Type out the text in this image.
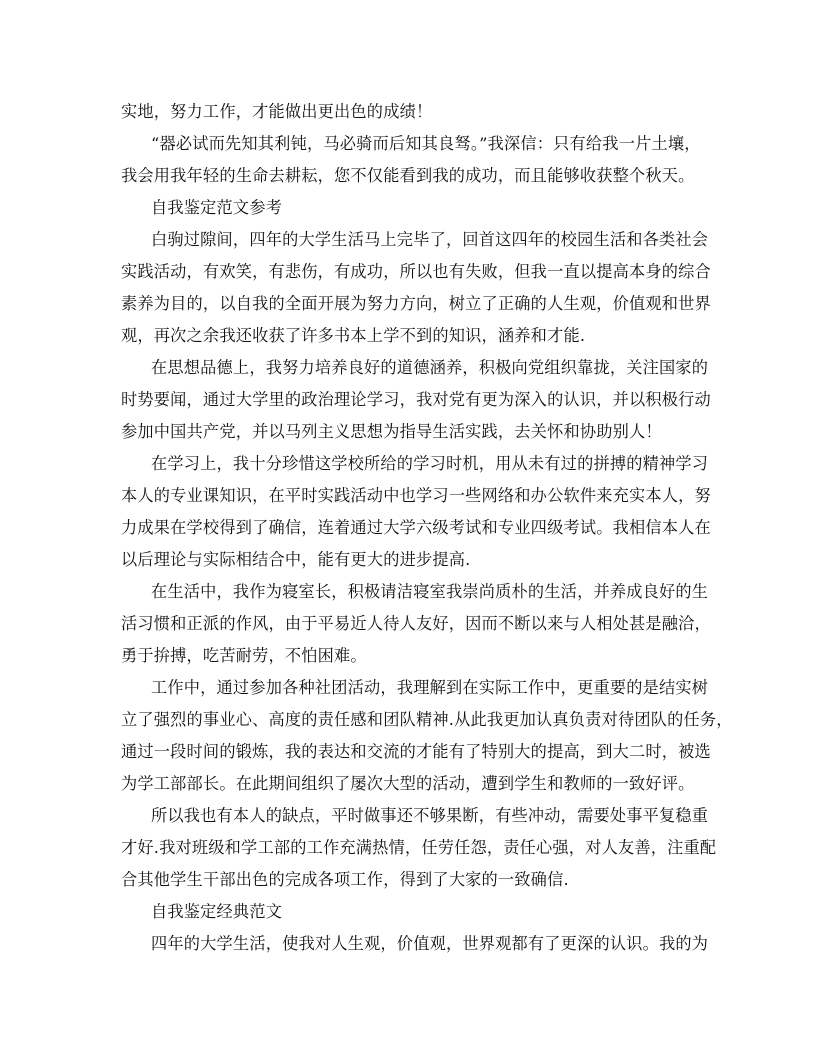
实地，努力工作，才能做出更出色的成绩！
“器必试而先知其利钝，马必骑而后知其良驽。”我深信：只有给我一片土壤，
我会用我年轻的生命去耕耘，您不仅能看到我的成功，而且能够收获整个秋天。
自我鉴定范文参考
白驹过隙间，四年的大学生活马上完毕了，回首这四年的校园生活和各类社会
实践活动，有欢笑，有悲伤，有成功，所以也有失败，但我一直以提高本身的综合
素养为目的，以自我的全面开展为努力方向，树立了正确的人生观，价值观和世界
观，再次之余我还收获了许多书本上学不到的知识，涵养和才能.
在思想品德上，我努力培养良好的道德涵养，积极向党组织靠拢，关注国家的
时势要闻，通过大学里的政治理论学习，我对党有更为深入的认识，并以积极行动
参加中国共产党，并以马列主义思想为指导生活实践，去关怀和协助别人！
在学习上，我十分珍惜这学校所给的学习时机，用从未有过的拼搏的精神学习
本人的专业课知识，在平时实践活动中也学习一些网络和办公软件来充实本人，努
力成果在学校得到了确信，连着通过大学六级考试和专业四级考试。我相信本人在
以后理论与实际相结合中，能有更大的进步提高.
在生活中，我作为寝室长，积极请洁寝室我崇尚质朴的生活，并养成良好的生
活习惯和正派的作风，由于平易近人待人友好，因而不断以来与人相处甚是融洽，
勇于拚搏，吃苦耐劳，不怕困难。
工作中，通过参加各种社团活动，我理解到在实际工作中，更重要的是结实树
立了强烈的事业心、高度的责任感和团队精神.从此我更加认真负责对待团队的任务，
通过一段时间的锻炼，我的表达和交流的才能有了特别大的提高，到大二时，被选
为学工部部长。在此期间组织了屡次大型的活动，遭到学生和教师的一致好评。
所以我也有本人的缺点，平时做事还不够果断，有些冲动，需要处事平复稳重
才好.我对班级和学工部的工作充满热情，任劳任怨，责任心强，对人友善，注重配
合其他学生干部出色的完成各项工作，得到了大家的一致确信.
自我鉴定经典范文
四年的大学生活，使我对人生观，价值观，世界观都有了更深的认识。我的为
